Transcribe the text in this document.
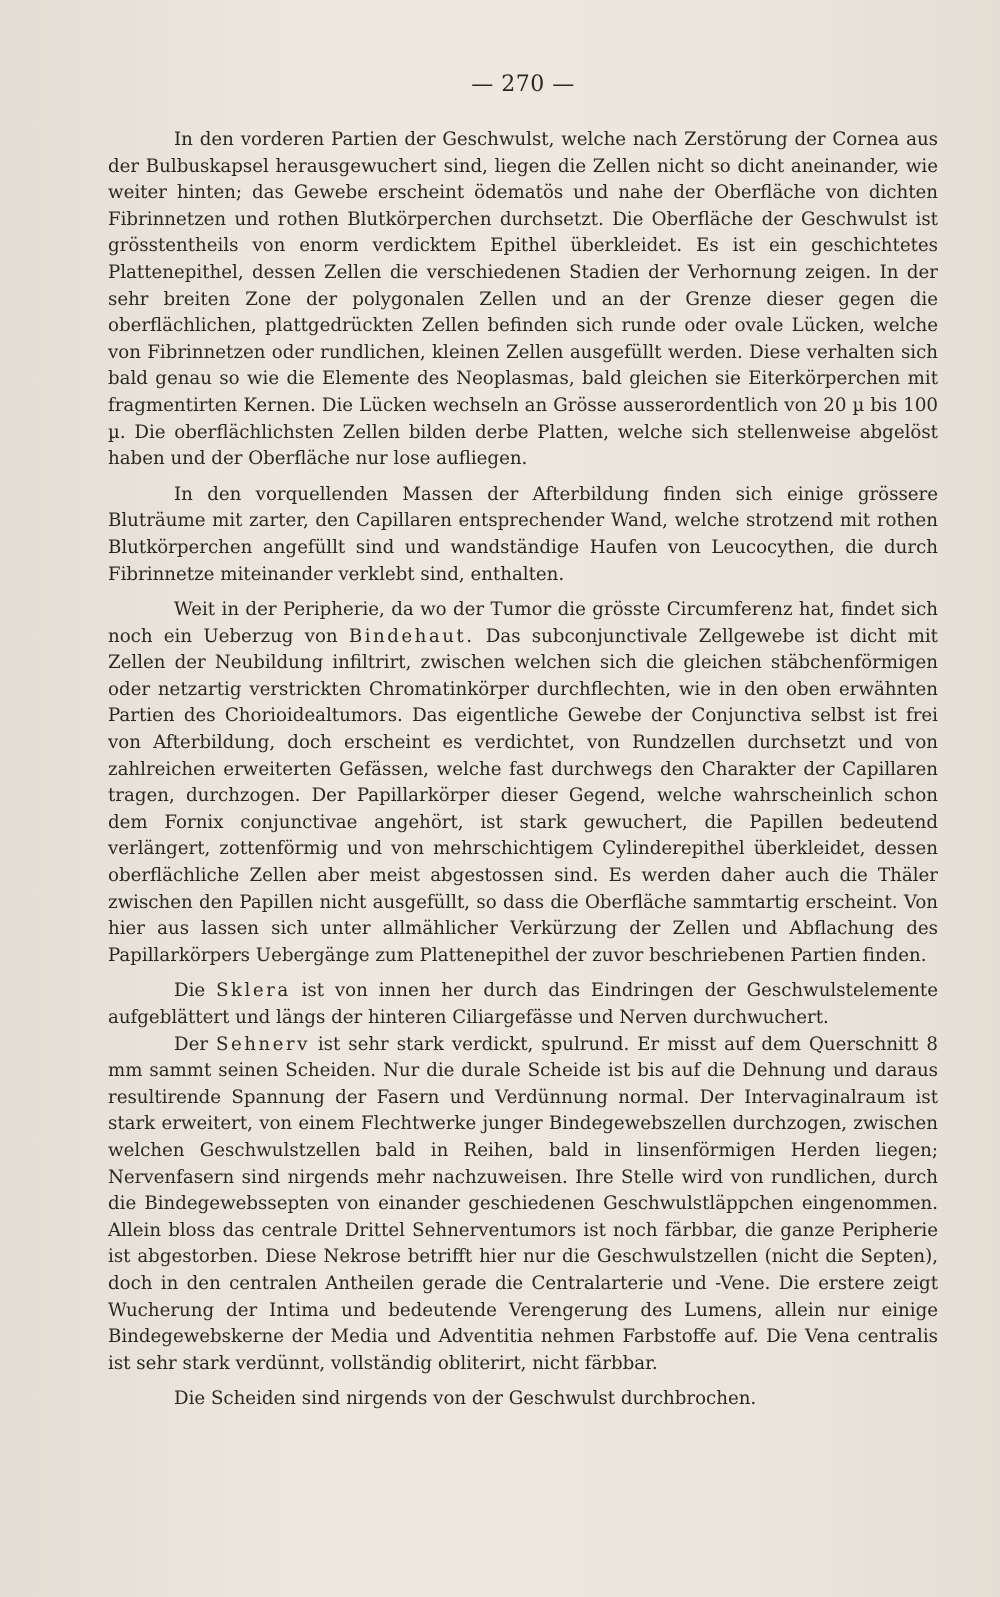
— 270 —

In den vorderen Partien der Geschwulst, welche nach Zerstörung der Cornea aus der Bulbuskapsel herausgewuchert sind, liegen die Zellen nicht so dicht aneinander, wie weiter hinten; das Gewebe erscheint ödematös und nahe der Oberfläche von dichten Fibrinnetzen und rothen Blutkörperchen durchsetzt. Die Oberfläche der Geschwulst ist grösstentheils von enorm verdicktem Epithel überkleidet. Es ist ein geschichtetes Plattenepithel, dessen Zellen die verschiedenen Stadien der Verhornung zeigen. In der sehr breiten Zone der polygonalen Zellen und an der Grenze dieser gegen die oberflächlichen, plattgedrückten Zellen befinden sich runde oder ovale Lücken, welche von Fibrinnetzen oder rundlichen, kleinen Zellen ausgefüllt werden. Diese verhalten sich bald genau so wie die Elemente des Neoplasmas, bald gleichen sie Eiterkörperchen mit fragmentirten Kernen. Die Lücken wechseln an Grösse ausserordentlich von 20 µ bis 100 µ. Die oberflächlichsten Zellen bilden derbe Platten, welche sich stellenweise abgelöst haben und der Oberfläche nur lose aufliegen.

In den vorquellenden Massen der Afterbildung finden sich einige grössere Bluträume mit zarter, den Capillaren entsprechender Wand, welche strotzend mit rothen Blutkörperchen angefüllt sind und wandständige Haufen von Leucocythen, die durch Fibrinnetze miteinander verklebt sind, enthalten.

Weit in der Peripherie, da wo der Tumor die grösste Circumferenz hat, findet sich noch ein Ueberzug von Bindehaut. Das subconjunctivale Zellgewebe ist dicht mit Zellen der Neubildung infiltrirt, zwischen welchen sich die gleichen stäbchenförmigen oder netzartig verstrickten Chromatinkörper durchflechten, wie in den oben erwähnten Partien des Chorioidealtumors. Das eigentliche Gewebe der Conjunctiva selbst ist frei von Afterbildung, doch erscheint es verdichtet, von Rundzellen durchsetzt und von zahlreichen erweiterten Gefässen, welche fast durchwegs den Charakter der Capillaren tragen, durchzogen. Der Papillarkörper dieser Gegend, welche wahrscheinlich schon dem Fornix conjunctivae angehört, ist stark gewuchert, die Papillen bedeutend verlängert, zottenförmig und von mehrschichtigem Cylinderepithel überkleidet, dessen oberflächliche Zellen aber meist abgestossen sind. Es werden daher auch die Thäler zwischen den Papillen nicht ausgefüllt, so dass die Oberfläche sammtartig erscheint. Von hier aus lassen sich unter allmählicher Verkürzung der Zellen und Abflachung des Papillarkörpers Uebergänge zum Plattenepithel der zuvor beschriebenen Partien finden.

Die Sklera ist von innen her durch das Eindringen der Geschwulstelemente aufgeblättert und längs der hinteren Ciliargefässe und Nerven durchwuchert.

Der Sehnerv ist sehr stark verdickt, spulrund. Er misst auf dem Querschnitt 8 mm sammt seinen Scheiden. Nur die durale Scheide ist bis auf die Dehnung und daraus resultirende Spannung der Fasern und Verdünnung normal. Der Intervaginalraum ist stark erweitert, von einem Flechtwerke junger Bindegewebszellen durchzogen, zwischen welchen Geschwulstzellen bald in Reihen, bald in linsenförmigen Herden liegen; Nervenfasern sind nirgends mehr nachzuweisen. Ihre Stelle wird von rundlichen, durch die Bindegewebssepten von einander geschiedenen Geschwulstläppchen eingenommen. Allein bloss das centrale Drittel Sehnerventumors ist noch färbbar, die ganze Peripherie ist abgestorben. Diese Nekrose betrifft hier nur die Geschwulstzellen (nicht die Septen), doch in den centralen Antheilen gerade die Centralarterie und -Vene. Die erstere zeigt Wucherung der Intima und bedeutende Verengerung des Lumens, allein nur einige Bindegewebskerne der Media und Adventitia nehmen Farbstoffe auf. Die Vena centralis ist sehr stark verdünnt, vollständig obliterirt, nicht färbbar.

Die Scheiden sind nirgends von der Geschwulst durchbrochen.
